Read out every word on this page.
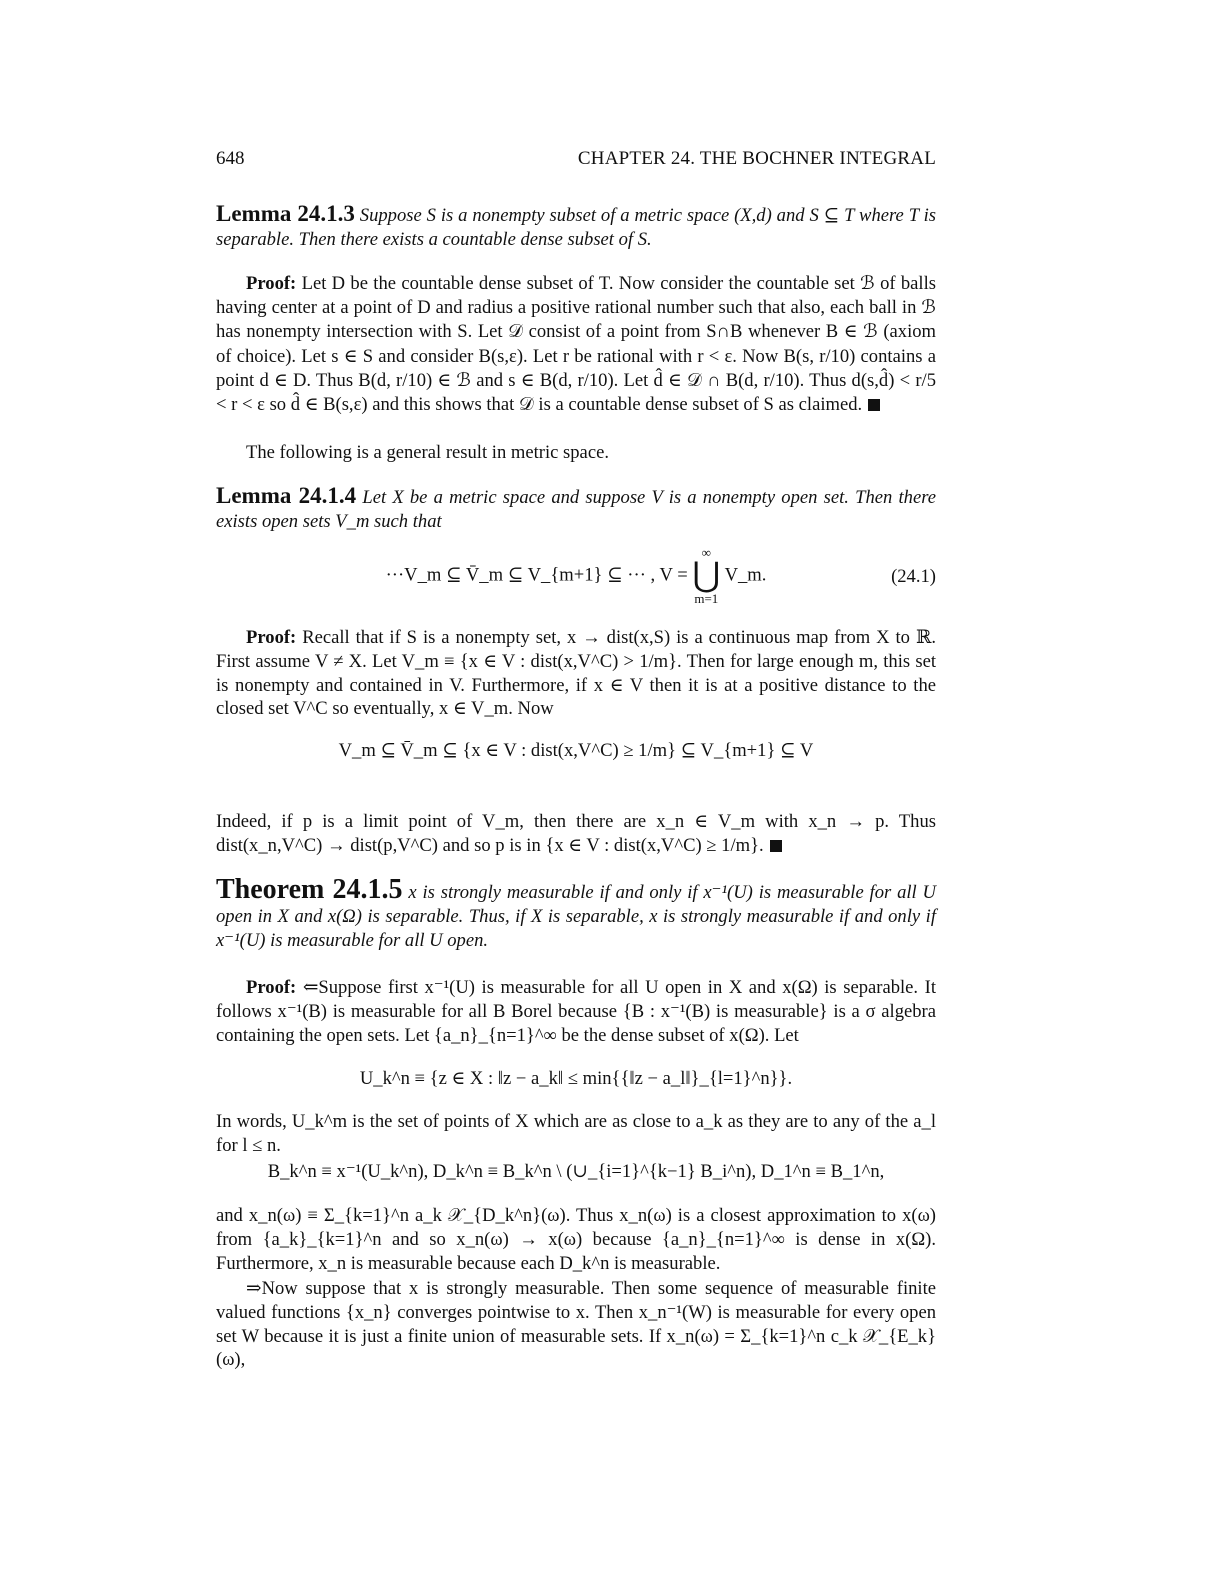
648	CHAPTER 24. THE BOCHNER INTEGRAL
Lemma 24.1.3 Suppose S is a nonempty subset of a metric space (X,d) and S ⊆ T where T is separable. Then there exists a countable dense subset of S.
Proof: Let D be the countable dense subset of T. Now consider the countable set ℬ of balls having center at a point of D and radius a positive rational number such that also, each ball in ℬ has nonempty intersection with S. Let 𝒟 consist of a point from S∩B whenever B ∈ ℬ (axiom of choice). Let s ∈ S and consider B(s,ε). Let r be rational with r < ε. Now B(s, r/10) contains a point d ∈ D. Thus B(d, r/10) ∈ ℬ and s ∈ B(d, r/10). Let d̂ ∈ 𝒟 ∩ B(d, r/10). Thus d(s,d̂) < r/5 < r < ε so d̂ ∈ B(s,ε) and this shows that 𝒟 is a countable dense subset of S as claimed.
The following is a general result in metric space.
Lemma 24.1.4 Let X be a metric space and suppose V is a nonempty open set. Then there exists open sets V_m such that
···V_m ⊆ V̄_m ⊆ V_{m+1} ⊆ ··· , V =
∞
⋃
m=1
V_m.	(24.1)
Proof: Recall that if S is a nonempty set, x → dist(x,S) is a continuous map from X to ℝ. First assume V ≠ X. Let V_m ≡ {x ∈ V : dist(x,V^C) > 1/m}. Then for large enough m, this set is nonempty and contained in V. Furthermore, if x ∈ V then it is at a positive distance to the closed set V^C so eventually, x ∈ V_m. Now
V_m ⊆ V̄_m ⊆ {x ∈ V : dist(x,V^C) ≥ 1/m} ⊆ V_{m+1} ⊆ V
Indeed, if p is a limit point of V_m, then there are x_n ∈ V_m with x_n → p. Thus dist(x_n,V^C) → dist(p,V^C) and so p is in {x ∈ V : dist(x,V^C) ≥ 1/m}.
Theorem 24.1.5 x is strongly measurable if and only if x⁻¹(U) is measurable for all U open in X and x(Ω) is separable. Thus, if X is separable, x is strongly measurable if and only if x⁻¹(U) is measurable for all U open.
Proof: ⇐Suppose first x⁻¹(U) is measurable for all U open in X and x(Ω) is separable. It follows x⁻¹(B) is measurable for all B Borel because {B : x⁻¹(B) is measurable} is a σ algebra containing the open sets. Let {a_n}_{n=1}^∞ be the dense subset of x(Ω). Let
U_k^n ≡ {z ∈ X : ‖z − a_k‖ ≤ min{{‖z − a_l‖}_{l=1}^n}}.
In words, U_k^m is the set of points of X which are as close to a_k as they are to any of the a_l for l ≤ n.
B_k^n ≡ x⁻¹(U_k^n), D_k^n ≡ B_k^n \ (∪_{i=1}^{k−1} B_i^n), D_1^n ≡ B_1^n,
and x_n(ω) ≡ Σ_{k=1}^n a_k 𝒳_{D_k^n}(ω). Thus x_n(ω) is a closest approximation to x(ω) from {a_k}_{k=1}^n and so x_n(ω) → x(ω) because {a_n}_{n=1}^∞ is dense in x(Ω). Furthermore, x_n is measurable because each D_k^n is measurable.
⇒Now suppose that x is strongly measurable. Then some sequence of measurable finite valued functions {x_n} converges pointwise to x. Then x_n⁻¹(W) is measurable for every open set W because it is just a finite union of measurable sets. If x_n(ω) = Σ_{k=1}^n c_k 𝒳_{E_k}(ω),
